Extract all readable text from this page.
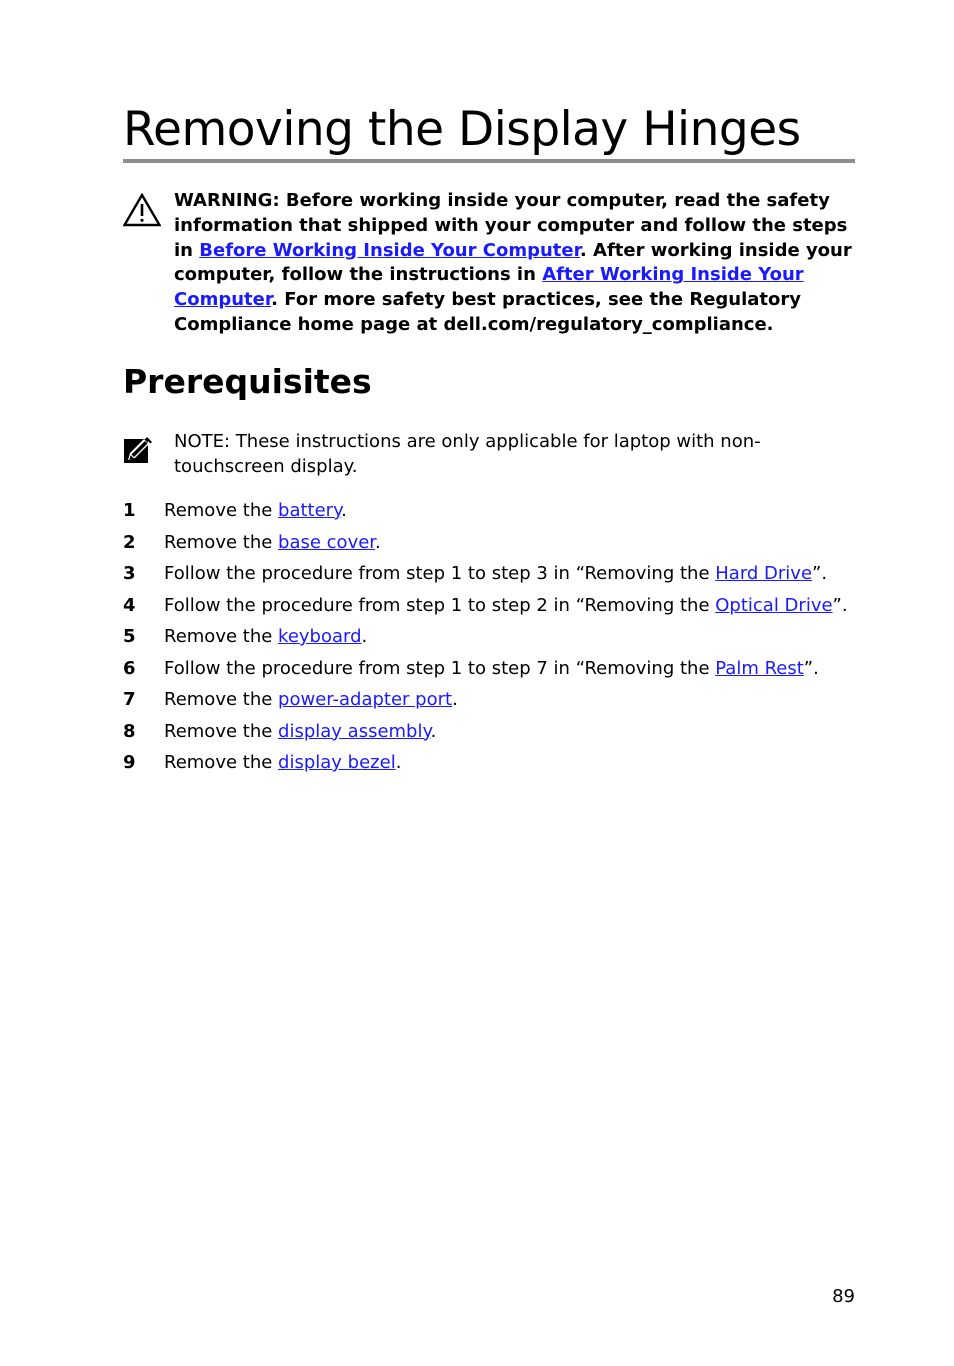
Removing the Display Hinges

WARNING: Before working inside your computer, read the safety information that shipped with your computer and follow the steps in Before Working Inside Your Computer. After working inside your computer, follow the instructions in After Working Inside Your Computer. For more safety best practices, see the Regulatory Compliance home page at dell.com/regulatory_compliance.

Prerequisites

NOTE: These instructions are only applicable for laptop with non-touchscreen display.

1 Remove the battery.
2 Remove the base cover.
3 Follow the procedure from step 1 to step 3 in “Removing the Hard Drive”.
4 Follow the procedure from step 1 to step 2 in “Removing the Optical Drive”.
5 Remove the keyboard.
6 Follow the procedure from step 1 to step 7 in “Removing the Palm Rest”.
7 Remove the power-adapter port.
8 Remove the display assembly.
9 Remove the display bezel.
89
